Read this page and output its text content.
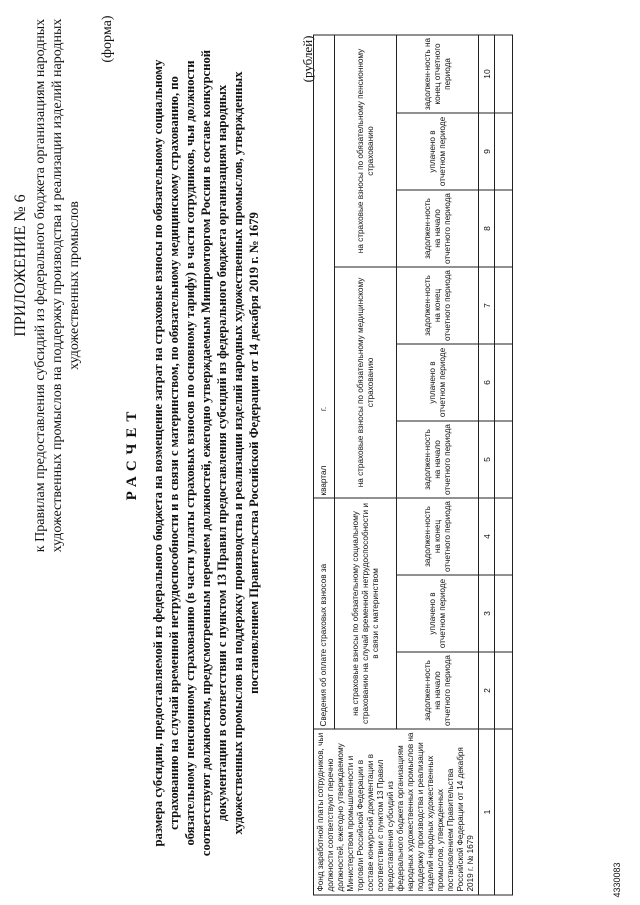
ПРИЛОЖЕНИЕ № 6 к Правилам предоставления субсидий из федерального бюджета организациям народных художественных промыслов на поддержку производства и реализации изделий народных художественных промыслов
(форма)
РАСЧЕТ размера субсидии, предоставляемой из федерального бюджета на возмещение затрат на страховые взносы по обязательному социальному страхованию на случай временной нетрудоспособности и в связи с материнством, по обязательному медицинскому страхованию, по обязательному пенсионному страхованию (в части уплаты страховых взносов по основному тарифу) в части сотрудников, чьи должности соответствуют должностям, предусмотренным перечнем должностей, ежегодно утверждаемым Минпромторгом России в составе конкурсной документации в соответствии с пунктом 13 Правил предоставления субсидий из федерального бюджета организациям народных художественных промыслов на поддержку производства и реализации изделий народных художественных промыслов, утвержденных постановлением Правительства Российской Федерации от 14 декабря 2019 г. № 1679
(рублей)
Фонд заработной платы сотрудников, чьи должности соответствуют перечню должностей, ежегодно утверждаемому Министерством промышленности и торговли Российской Федерации в составе конкурсной документации в соответствии с пунктом 13 Правил предоставления субсидий из федерального бюджета организациям народных художественных промыслов на поддержку производства и реализации изделий народных художественных промыслов, утвержденных постановлением Правительства Российской Федерации от 14 декабря 2019 г. № 1679	Сведения об оплате страховых взносов за			квартал  г.					
	на страховые взносы по обязательному социальному страхованию на случай временной нетрудоспособности и в связи с материнством			на страховые взносы по обязательному медицинскому страхованию			на страховые взносы по обязательному пенсионному страхованию		
	задолжен-ность на начало отчетного периода	уплачено в отчетном периоде	задолжен-ность на конец отчетного периода	задолжен-ность на начало отчетного периода	уплачено в отчетном периоде	задолжен-ность на конец отчетного периода	задолжен-ность на начало отчетного периода	уплачено в отчетном периоде	задолжен-ность на конец отчетного периода
1	2	3	4	5	6	7	8	9	10

4330083
